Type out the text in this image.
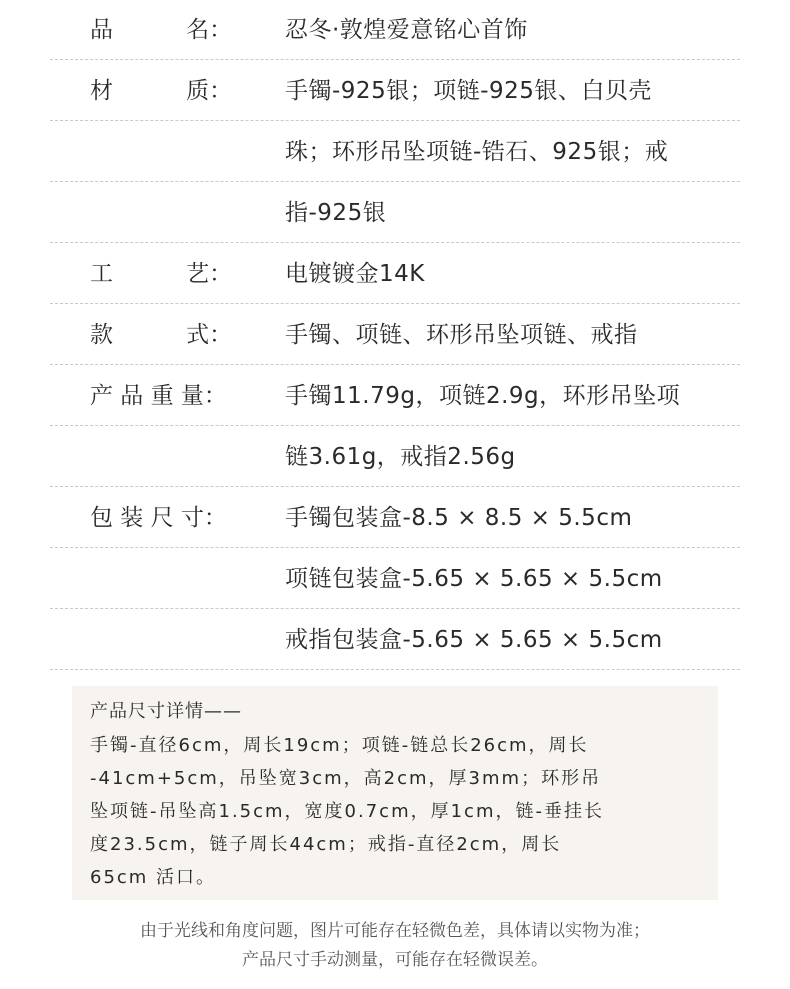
品          名： 忍冬·敦煌爱意铭心首饰
材          质： 手镯-925银；项链-925银、白贝壳
珠；环形吊坠项链-锆石、925银；戒
指-925银
工          艺： 电镀镀金14K
款          式： 手镯、项链、环形吊坠项链、戒指
产 品 重 量：	手镯11.79g，项链2.9g，环形吊坠项
链3.61g，戒指2.56g
包 装 尺 寸：	手镯包装盒-8.5 × 8.5 × 5.5cm
项链包装盒-5.65 × 5.65 × 5.5cm
戒指包装盒-5.65 × 5.65 × 5.5cm
产品尺寸详情——
手镯-直径6cm，周长19cm；项链-链总长26cm，周长
-41cm+5cm，吊坠宽3cm，高2cm，厚3mm；环形吊
坠项链-吊坠高1.5cm，宽度0.7cm，厚1cm，链-垂挂长
度23.5cm，链子周长44cm；戒指-直径2cm，周长
65cm 活口。
由于光线和角度问题，图片可能存在轻微色差，具体请以实物为准；
产品尺寸手动测量，可能存在轻微误差。
